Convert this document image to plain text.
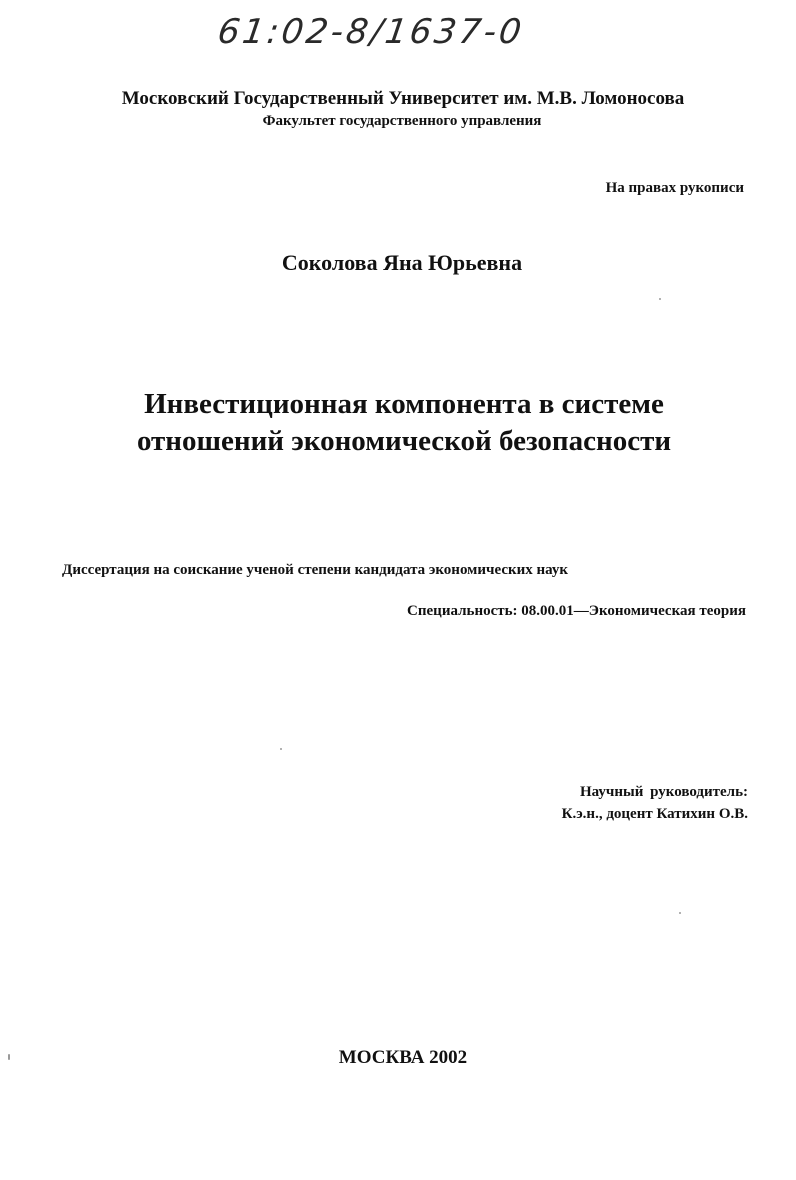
61:02-8/1637-0
Московский Государственный Университет им. М.В. Ломоносова
Факультет государственного управления
На правах рукописи
Соколова Яна Юрьевна
Инвестиционная компонента в системе
отношений экономической безопасности
Диссертация на соискание ученой степени кандидата экономических наук
Специальность: 08.00.01—Экономическая теория
Научный руководитель:
К.э.н., доцент Катихин О.В.
МОСКВА 2002
